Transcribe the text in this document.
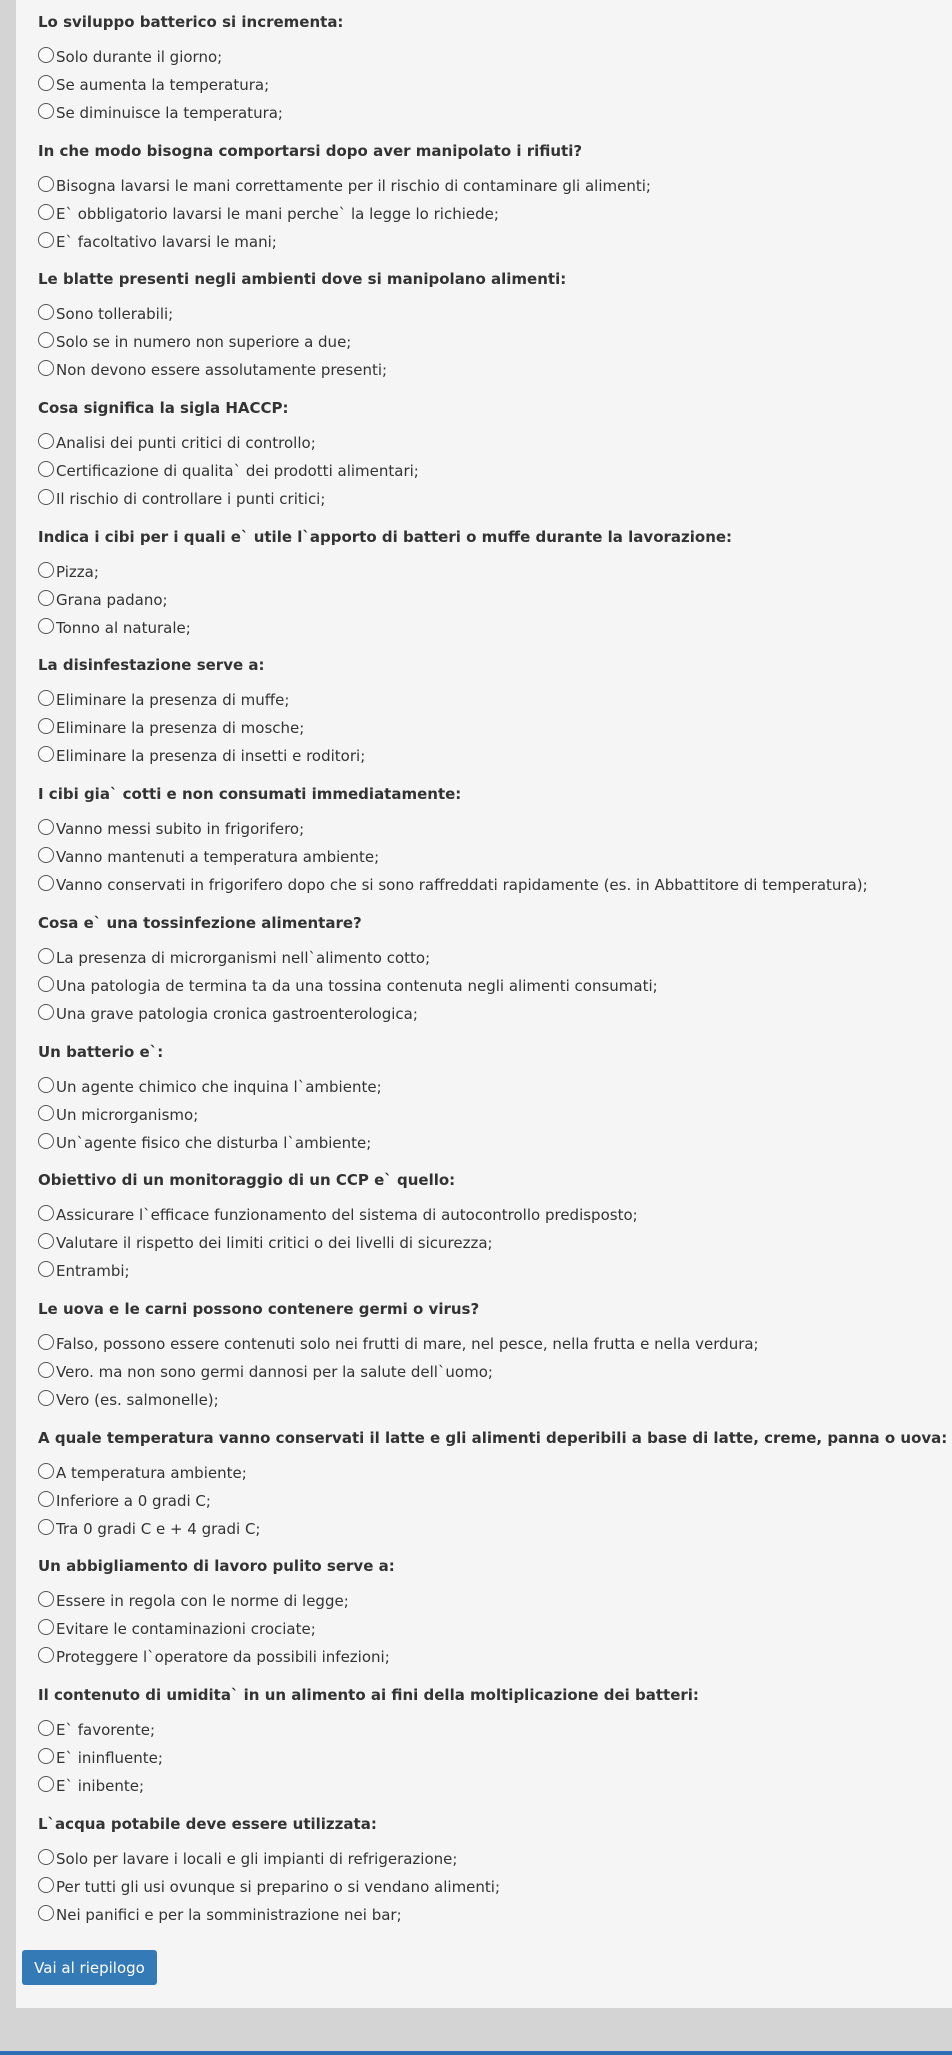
Lo sviluppo batterico si incrementa:
Solo durante il giorno;
Se aumenta la temperatura;
Se diminuisce la temperatura;
In che modo bisogna comportarsi dopo aver manipolato i rifiuti?
Bisogna lavarsi le mani correttamente per il rischio di contaminare gli alimenti;
E` obbligatorio lavarsi le mani perche` la legge lo richiede;
E` facoltativo lavarsi le mani;
Le blatte presenti negli ambienti dove si manipolano alimenti:
Sono tollerabili;
Solo se in numero non superiore a due;
Non devono essere assolutamente presenti;
Cosa significa la sigla HACCP:
Analisi dei punti critici di controllo;
Certificazione di qualita` dei prodotti alimentari;
Il rischio di controllare i punti critici;
Indica i cibi per i quali e` utile l`apporto di batteri o muffe durante la lavorazione:
Pizza;
Grana padano;
Tonno al naturale;
La disinfestazione serve a:
Eliminare la presenza di muffe;
Eliminare la presenza di mosche;
Eliminare la presenza di insetti e roditori;
I cibi gia` cotti e non consumati immediatamente:
Vanno messi subito in frigorifero;
Vanno mantenuti a temperatura ambiente;
Vanno conservati in frigorifero dopo che si sono raffreddati rapidamente (es. in Abbattitore di temperatura);
Cosa e` una tossinfezione alimentare?
La presenza di microrganismi nell`alimento cotto;
Una patologia de termina ta da una tossina contenuta negli alimenti consumati;
Una grave patologia cronica gastroenterologica;
Un batterio e`:
Un agente chimico che inquina l`ambiente;
Un microrganismo;
Un`agente fisico che disturba l`ambiente;
Obiettivo di un monitoraggio di un CCP e` quello:
Assicurare l`efficace funzionamento del sistema di autocontrollo predisposto;
Valutare il rispetto dei limiti critici o dei livelli di sicurezza;
Entrambi;
Le uova e le carni possono contenere germi o virus?
Falso, possono essere contenuti solo nei frutti di mare, nel pesce, nella frutta e nella verdura;
Vero. ma non sono germi dannosi per la salute dell`uomo;
Vero (es. salmonelle);
A quale temperatura vanno conservati il latte e gli alimenti deperibili a base di latte, creme, panna o uova:
A temperatura ambiente;
Inferiore a 0 gradi C;
Tra 0 gradi C e + 4 gradi C;
Un abbigliamento di lavoro pulito serve a:
Essere in regola con le norme di legge;
Evitare le contaminazioni crociate;
Proteggere l`operatore da possibili infezioni;
Il contenuto di umidita` in un alimento ai fini della moltiplicazione dei batteri:
E` favorente;
E` ininfluente;
E` inibente;
L`acqua potabile deve essere utilizzata:
Solo per lavare i locali e gli impianti di refrigerazione;
Per tutti gli usi ovunque si preparino o si vendano alimenti;
Nei panifici e per la somministrazione nei bar;
Vai al riepilogo
